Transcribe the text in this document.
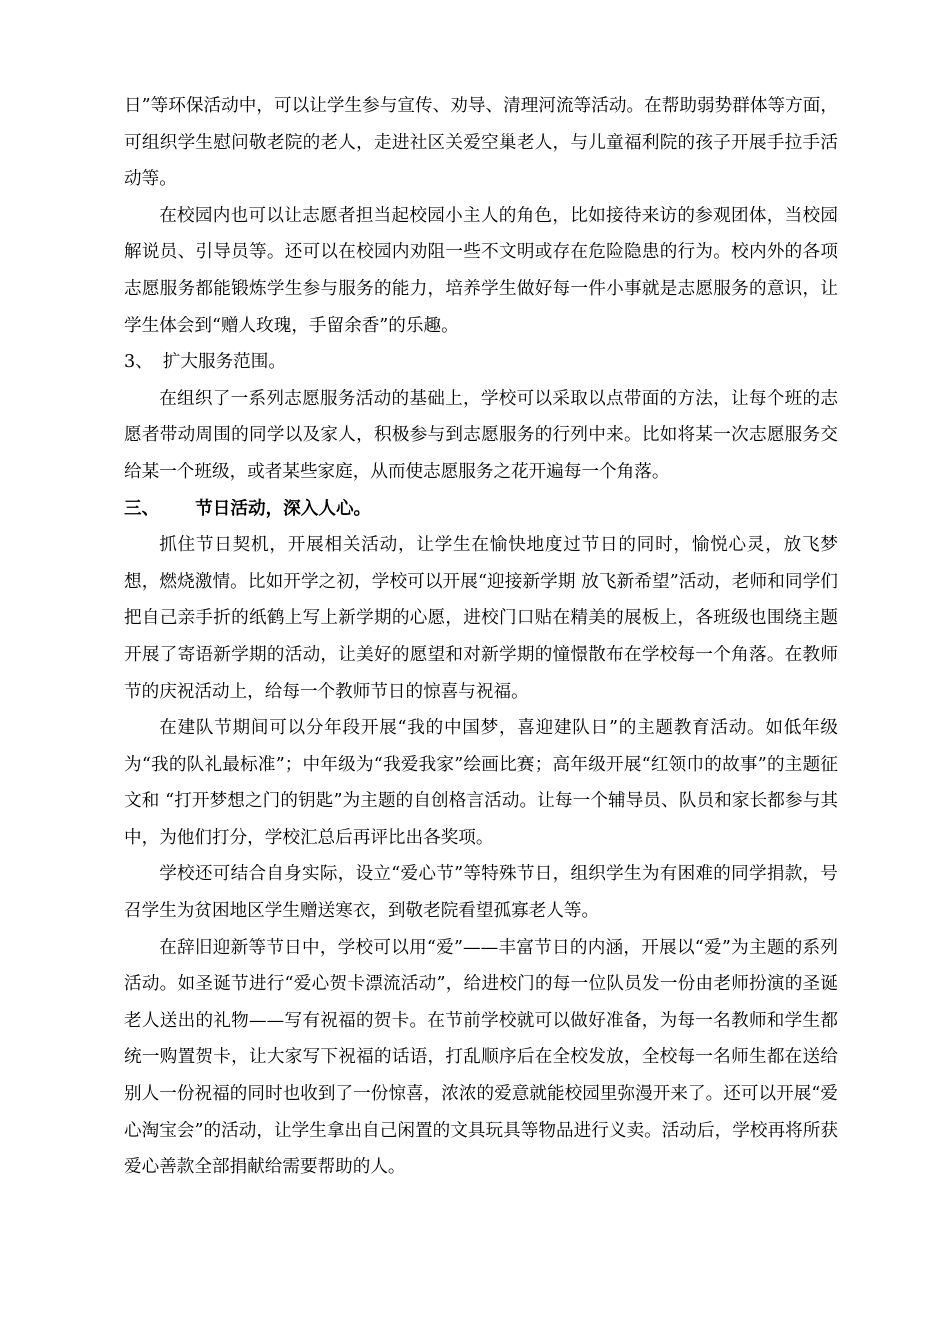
日”等环保活动中，可以让学生参与宣传、劝导、清理河流等活动。在帮助弱势群体等方面，可组织学生慰问敬老院的老人，走进社区关爱空巢老人，与儿童福利院的孩子开展手拉手活动等。

在校园内也可以让志愿者担当起校园小主人的角色，比如接待来访的参观团体，当校园解说员、引导员等。还可以在校园内劝阻一些不文明或存在危险隐患的行为。校内外的各项志愿服务都能锻炼学生参与服务的能力，培养学生做好每一件小事就是志愿服务的意识，让学生体会到“赠人玫瑰，手留余香”的乐趣。

3、 扩大服务范围。

在组织了一系列志愿服务活动的基础上，学校可以采取以点带面的方法，让每个班的志愿者带动周围的同学以及家人，积极参与到志愿服务的行列中来。比如将某一次志愿服务交给某一个班级，或者某些家庭，从而使志愿服务之花开遍每一个角落。

三、 节日活动，深入人心。

抓住节日契机，开展相关活动，让学生在愉快地度过节日的同时，愉悦心灵，放飞梦想，燃烧激情。比如开学之初，学校可以开展“迎接新学期 放飞新希望”活动，老师和同学们把自己亲手折的纸鹤上写上新学期的心愿，进校门口贴在精美的展板上，各班级也围绕主题开展了寄语新学期的活动，让美好的愿望和对新学期的憧憬散布在学校每一个角落。在教师节的庆祝活动上，给每一个教师节日的惊喜与祝福。

在建队节期间可以分年段开展“我的中国梦，喜迎建队日”的主题教育活动。如低年级为“我的队礼最标准”；中年级为“我爱我家”绘画比赛；高年级开展“红领巾的故事”的主题征文和 “打开梦想之门的钥匙”为主题的自创格言活动。让每一个辅导员、队员和家长都参与其中，为他们打分，学校汇总后再评比出各奖项。

学校还可结合自身实际，设立“爱心节”等特殊节日，组织学生为有困难的同学捐款，号召学生为贫困地区学生赠送寒衣，到敬老院看望孤寡老人等。

在辞旧迎新等节日中，学校可以用“爱”——丰富节日的内涵，开展以“爱”为主题的系列活动。如圣诞节进行“爱心贺卡漂流活动”，给进校门的每一位队员发一份由老师扮演的圣诞老人送出的礼物——写有祝福的贺卡。在节前学校就可以做好准备，为每一名教师和学生都统一购置贺卡，让大家写下祝福的话语，打乱顺序后在全校发放，全校每一名师生都在送给别人一份祝福的同时也收到了一份惊喜，浓浓的爱意就能校园里弥漫开来了。还可以开展“爱心淘宝会”的活动，让学生拿出自己闲置的文具玩具等物品进行义卖。活动后，学校再将所获爱心善款全部捐献给需要帮助的人。
